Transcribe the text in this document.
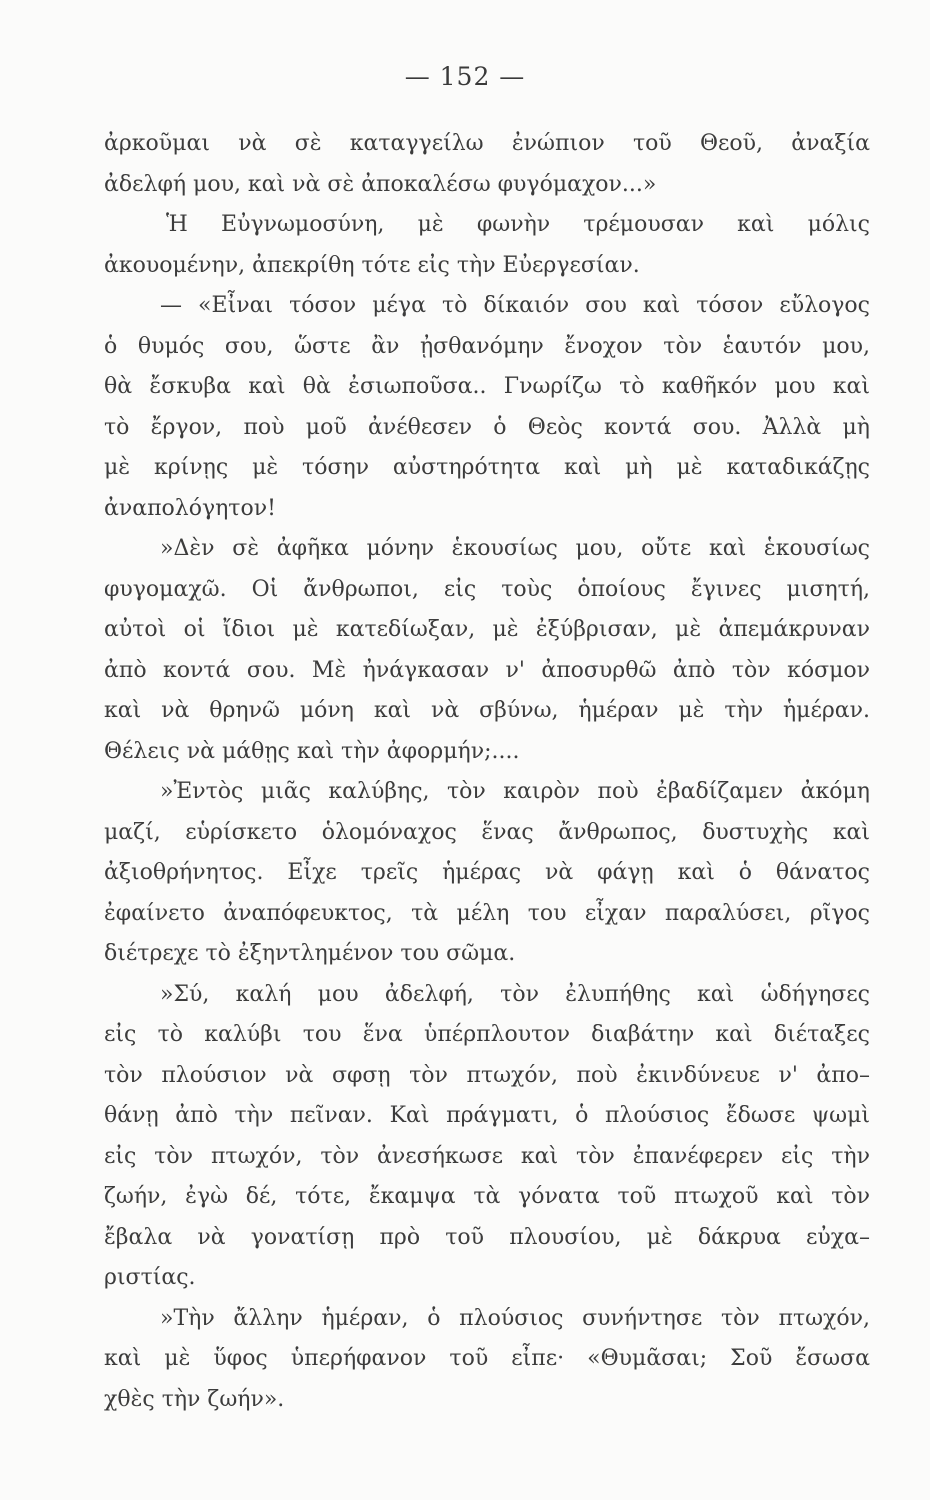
— 152 —
ἀρκοῦμαι νὰ σὲ καταγγείλω ἐνώπιον τοῦ Θεοῦ, ἀναξία
ἀδελφή μου, καὶ νὰ σὲ ἀποκαλέσω φυγόμαχον...»
Ἡ Εὐγνωμοσύνη, μὲ φωνὴν τρέμουσαν καὶ μόλις
ἀκουομένην, ἀπεκρίθη τότε εἰς τὴν Εὐεργεσίαν.
— «Εἶναι τόσον μέγα τὸ δίκαιόν σου καὶ τόσον εὔλογος
ὁ θυμός σου, ὥστε ἂν ᾐσθανόμην ἔνοχον τὸν ἑαυτόν μου,
θὰ ἔσκυβα καὶ θὰ ἐσιωποῦσα.. Γνωρίζω τὸ καθῆκόν μου καὶ
τὸ ἔργον, ποὺ μοῦ ἀνέθεσεν ὁ Θεὸς κοντά σου. Ἀλλὰ μὴ
μὲ κρίνῃς μὲ τόσην αὐστηρότητα καὶ μὴ μὲ καταδικάζῃς
ἀναπολόγητον!
»Δὲν σὲ ἀφῆκα μόνην ἑκουσίως μου, οὔτε καὶ ἑκουσίως
φυγομαχῶ. Οἱ ἄνθρωποι, εἰς τοὺς ὁποίους ἔγινες μισητή,
αὐτοὶ οἱ ἴδιοι μὲ κατεδίωξαν, μὲ ἐξύβρισαν, μὲ ἀπεμάκρυναν
ἀπὸ κοντά σου. Μὲ ἠνάγκασαν ν' ἀποσυρθῶ ἀπὸ τὸν κόσμον
καὶ νὰ θρηνῶ μόνη καὶ νὰ σβύνω, ἡμέραν μὲ τὴν ἡμέραν.
Θέλεις νὰ μάθῃς καὶ τὴν ἀφορμήν;....
»Ἐντὸς μιᾶς καλύβης, τὸν καιρὸν ποὺ ἐβαδίζαμεν ἀκόμη
μαζί, εὑρίσκετο ὁλομόναχος ἕνας ἄνθρωπος, δυστυχὴς καὶ
ἀξιοθρήνητος. Εἶχε τρεῖς ἡμέρας νὰ φάγῃ καὶ ὁ θάνατος
ἐφαίνετο ἀναπόφευκτος, τὰ μέλη του εἶχαν παραλύσει, ρῖγος
διέτρεχε τὸ ἐξηντλημένον του σῶμα.
»Σύ, καλή μου ἀδελφή, τὸν ἐλυπήθης καὶ ὡδήγησες
εἰς τὸ καλύβι του ἕνα ὑπέρπλουτον διαβάτην καὶ διέταξες
τὸν πλούσιον νὰ σφσῃ τὸν πτωχόν, ποὺ ἐκινδύνευε ν' ἀπο–
θάνῃ ἀπὸ τὴν πεῖναν. Καὶ πράγματι, ὁ πλούσιος ἔδωσε ψωμὶ
εἰς τὸν πτωχόν, τὸν ἀνεσήκωσε καὶ τὸν ἐπανέφερεν εἰς τὴν
ζωήν, ἐγὼ δέ, τότε, ἔκαμψα τὰ γόνατα τοῦ πτωχοῦ καὶ τὸν
ἔβαλα νὰ γονατίσῃ πρὸ τοῦ πλουσίου, μὲ δάκρυα εὐχα–
ριστίας.
»Τὴν ἄλλην ἡμέραν, ὁ πλούσιος συνήντησε τὸν πτωχόν,
καὶ μὲ ὕφος ὑπερήφανον τοῦ εἶπε· «Θυμᾶσαι; Σοῦ ἔσωσα
χθὲς τὴν ζωήν».
